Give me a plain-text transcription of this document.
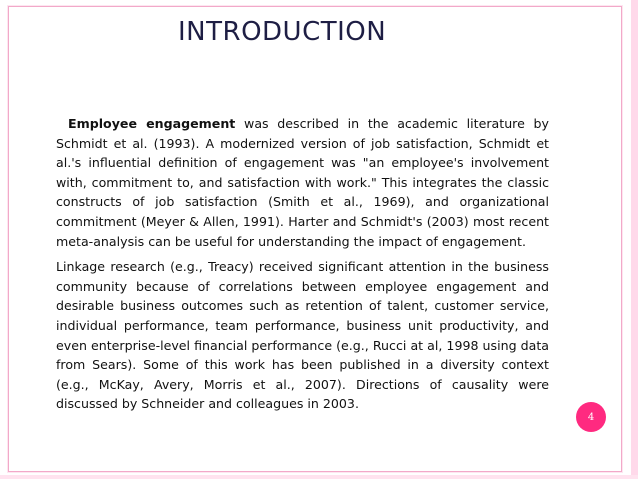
INTRODUCTION

Employee engagement was described in the academic literature by Schmidt et al. (1993). A modernized version of job satisfaction, Schmidt et al.'s influential definition of engagement was "an employee's involvement with, commitment to, and satisfaction with work." This integrates the classic constructs of job satisfaction (Smith et al., 1969), and organizational commitment (Meyer & Allen, 1991). Harter and Schmidt's (2003) most recent meta-analysis can be useful for understanding the impact of engagement.

Linkage research (e.g., Treacy) received significant attention in the business community because of correlations between employee engagement and desirable business outcomes such as retention of talent, customer service, individual performance, team performance, business unit productivity, and even enterprise-level financial performance (e.g., Rucci at al, 1998 using data from Sears). Some of this work has been published in a diversity context (e.g., McKay, Avery, Morris et al., 2007). Directions of causality were discussed by Schneider and colleagues in 2003.

4
